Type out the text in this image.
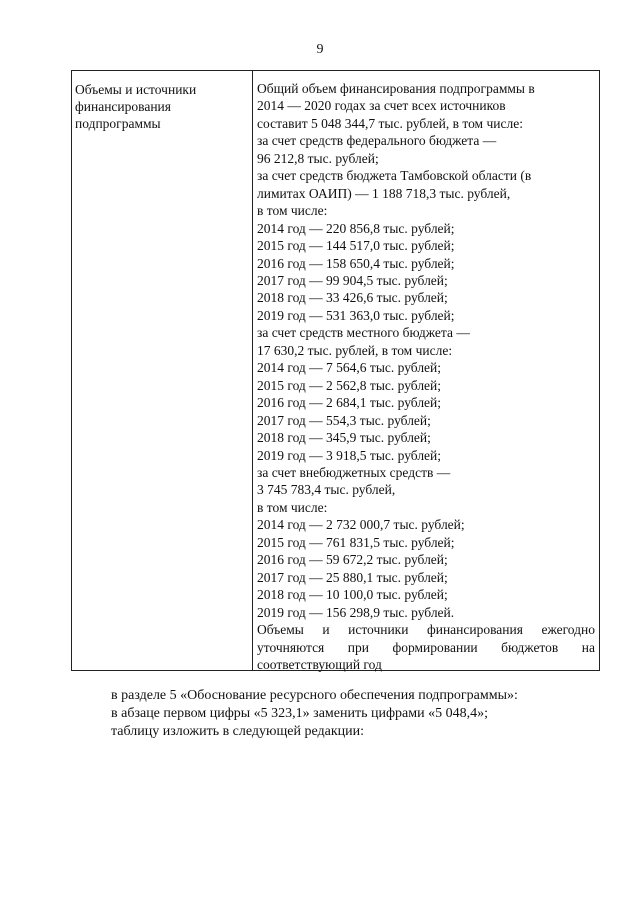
9
Объемы и источники
финансирования
подпрограммы
Общий объем финансирования подпрограммы в
2014 — 2020 годах за счет всех источников
составит 5 048 344,7 тыс. рублей, в том числе:
за счет средств федерального бюджета —
96 212,8 тыс. рублей;
за счет средств бюджета Тамбовской области (в
лимитах ОАИП) — 1 188 718,3 тыс. рублей,
в том числе:
2014 год — 220 856,8 тыс. рублей;
2015 год — 144 517,0 тыс. рублей;
2016 год — 158 650,4 тыс. рублей;
2017 год — 99 904,5 тыс. рублей;
2018 год — 33 426,6 тыс. рублей;
2019 год — 531 363,0 тыс. рублей;
за счет средств местного бюджета —
17 630,2 тыс. рублей, в том числе:
2014 год — 7 564,6 тыс. рублей;
2015 год — 2 562,8 тыс. рублей;
2016 год — 2 684,1 тыс. рублей;
2017 год — 554,3 тыс. рублей;
2018 год — 345,9 тыс. рублей;
2019 год — 3 918,5 тыс. рублей;
за счет внебюджетных средств —
3 745 783,4 тыс. рублей,
в том числе:
2014 год — 2 732 000,7 тыс. рублей;
2015 год — 761 831,5 тыс. рублей;
2016 год — 59 672,2 тыс. рублей;
2017 год — 25 880,1 тыс. рублей;
2018 год — 10 100,0 тыс. рублей;
2019 год — 156 298,9 тыс. рублей.
Объемы и источники финансирования ежегодно
уточняются при формировании бюджетов на
соответствующий год
в разделе 5 «Обоснование ресурсного обеспечения подпрограммы»:
в абзаце первом цифры «5 323,1» заменить цифрами «5 048,4»;
таблицу изложить в следующей редакции:
